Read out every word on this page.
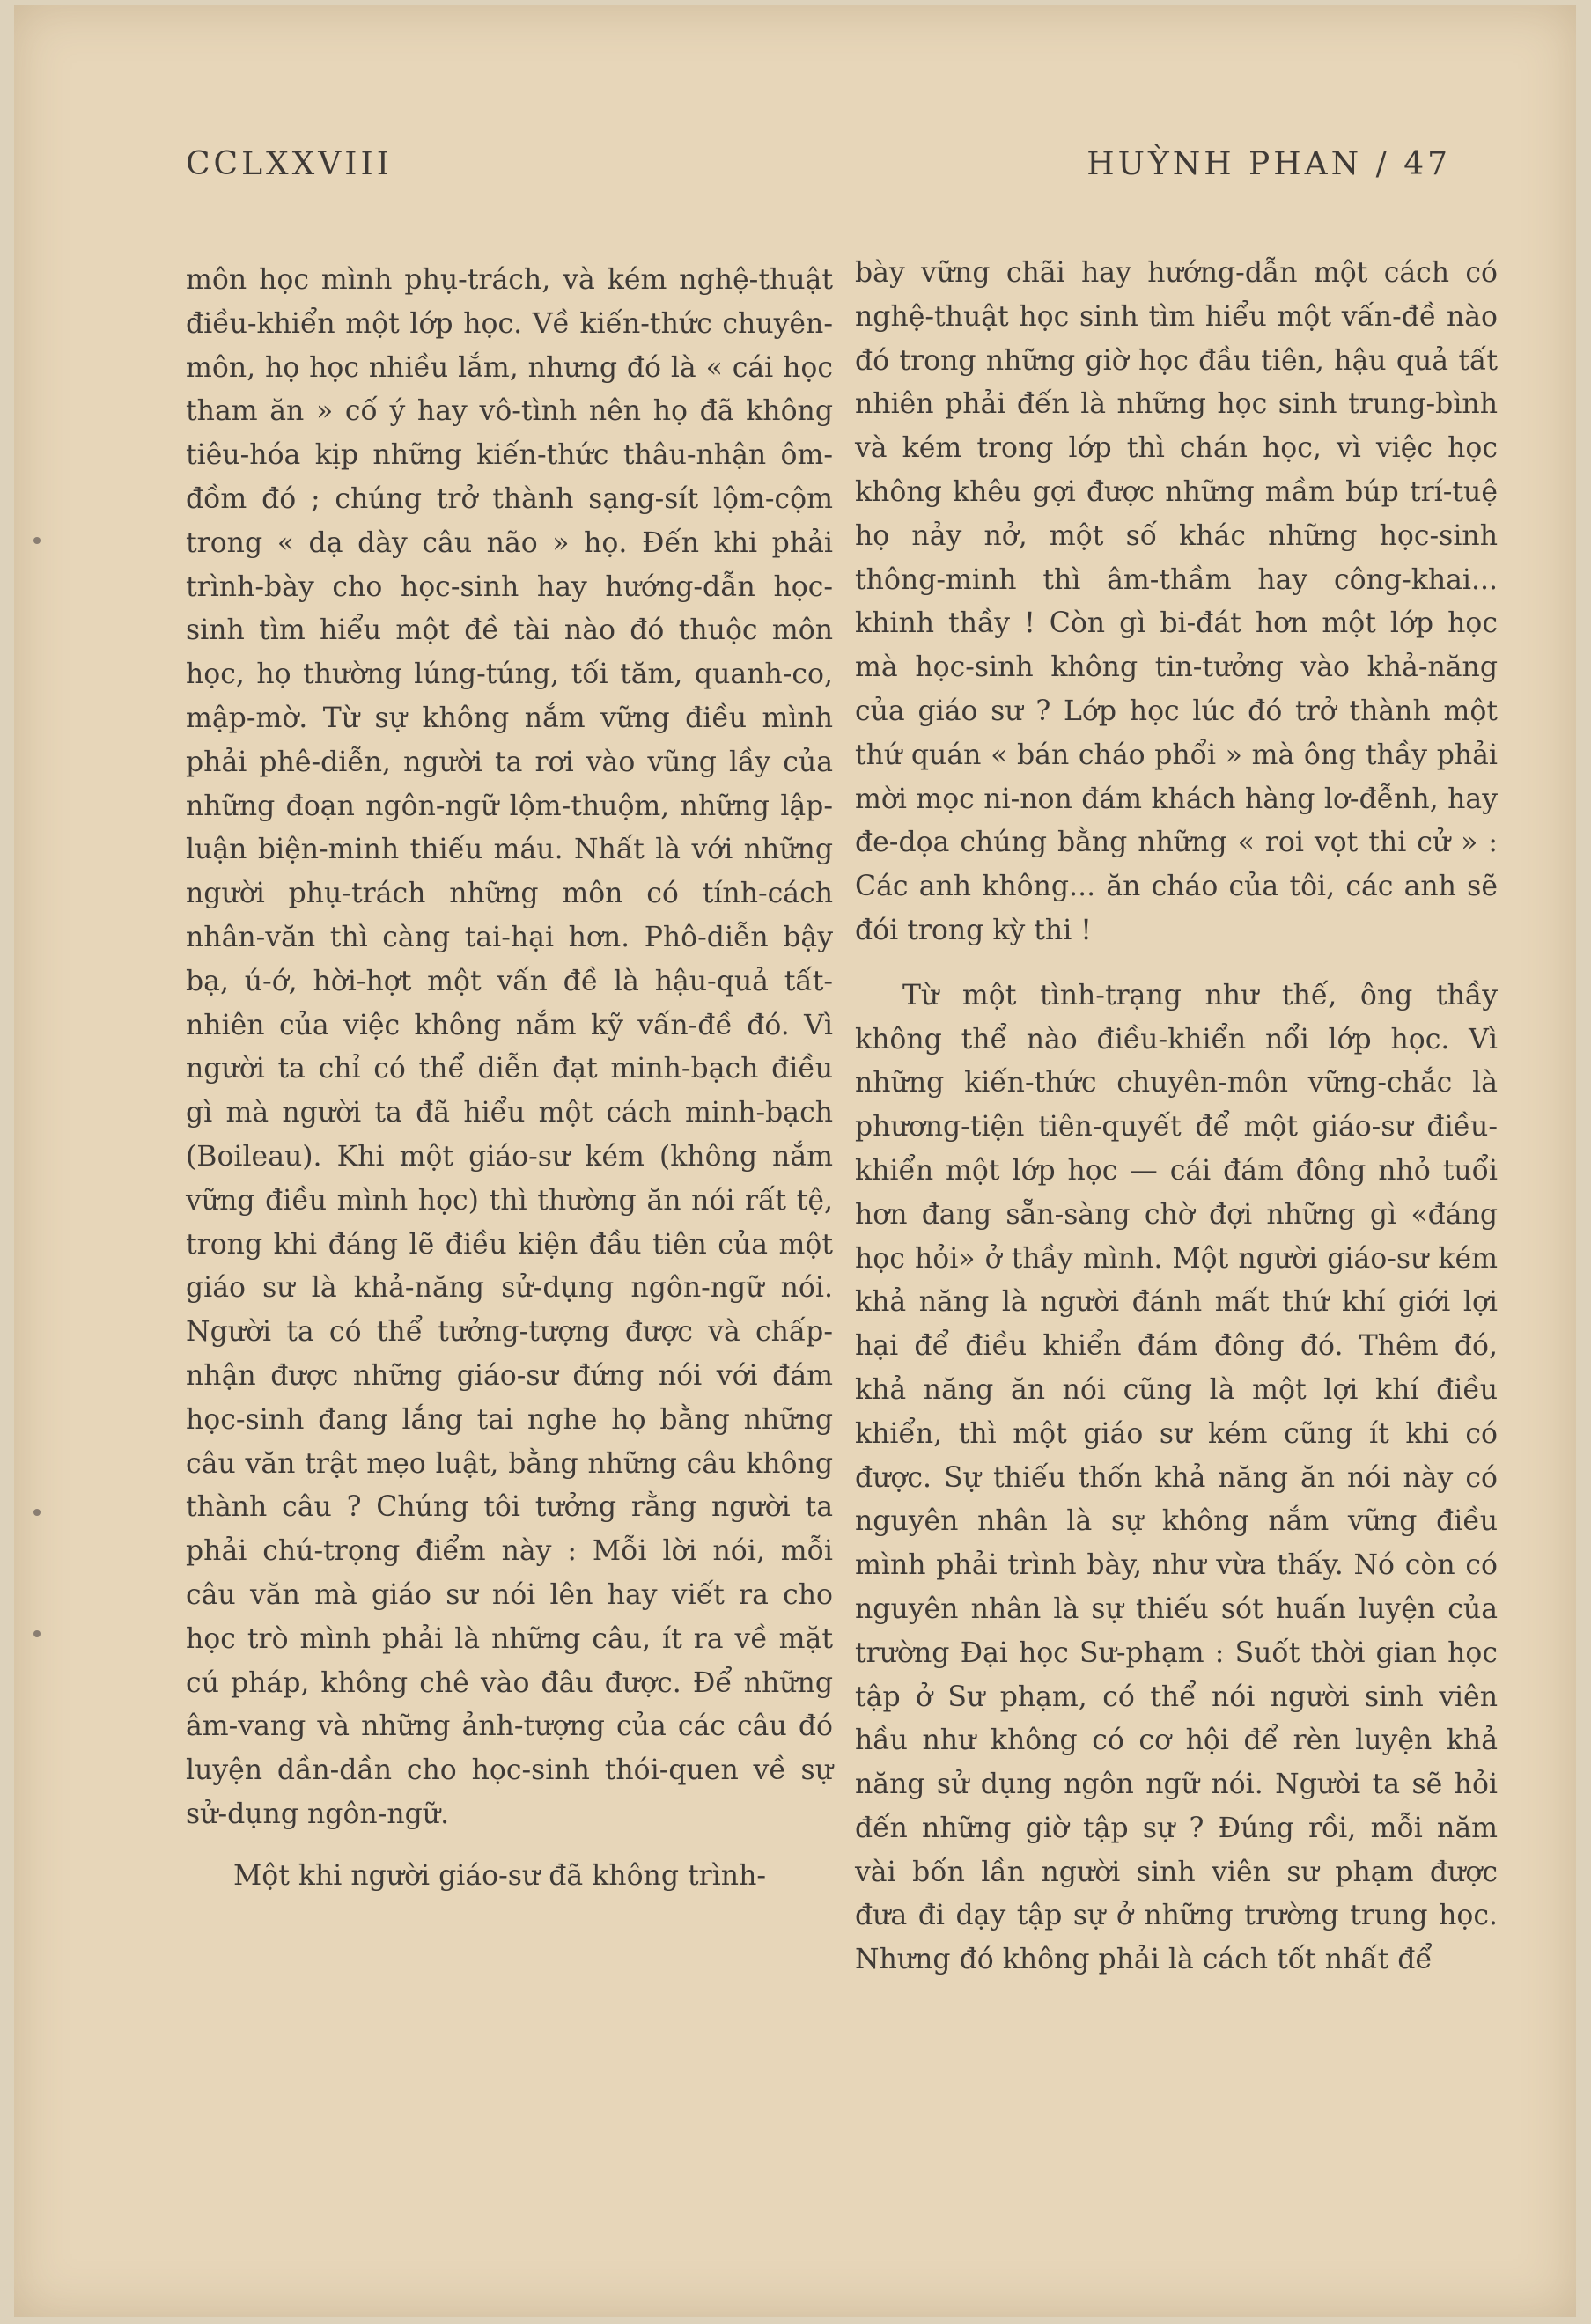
CCLXXVIII	HUỲNH PHAN / 47

môn học mình phụ-trách, và kém nghệ-thuật điều-khiển một lớp học. Về kiến-thức chuyên-môn, họ học nhiều lắm, nhưng đó là « cái học tham ăn » cố ý hay vô-tình nên họ đã không tiêu-hóa kịp những kiến-thức thâu-nhận ôm-đồm đó ; chúng trở thành sạng-sít lộm-cộm trong « dạ dày câu não » họ. Đến khi phải trình-bày cho học-sinh hay hướng-dẫn học-sinh tìm hiểu một đề tài nào đó thuộc môn học, họ thường lúng-túng, tối tăm, quanh-co, mập-mờ. Từ sự không nắm vững điều mình phải phê-diễn, người ta rơi vào vũng lầy của những đoạn ngôn-ngữ lộm-thuộm, những lập-luận biện-minh thiếu máu. Nhất là với những người phụ-trách những môn có tính-cách nhân-văn thì càng tai-hại hơn. Phô-diễn bậy bạ, ú-ớ, hời-hợt một vấn đề là hậu-quả tất-nhiên của việc không nắm kỹ vấn-đề đó. Vì người ta chỉ có thể diễn đạt minh-bạch điều gì mà người ta đã hiểu một cách minh-bạch (Boileau). Khi một giáo-sư kém (không nắm vững điều mình học) thì thường ăn nói rất tệ, trong khi đáng lẽ điều kiện đầu tiên của một giáo sư là khả-năng sử-dụng ngôn-ngữ nói. Người ta có thể tưởng-tượng được và chấp-nhận được những giáo-sư đứng nói với đám học-sinh đang lắng tai nghe họ bằng những câu văn trật mẹo luật, bằng những câu không thành câu ? Chúng tôi tưởng rằng người ta phải chú-trọng điểm này : Mỗi lời nói, mỗi câu văn mà giáo sư nói lên hay viết ra cho học trò mình phải là những câu, ít ra về mặt cú pháp, không chê vào đâu được. Để những âm-vang và những ảnh-tượng của các câu đó luyện dần-dần cho học-sinh thói-quen về sự sử-dụng ngôn-ngữ.

Một khi người giáo-sư đã không trình-

bày vững chãi hay hướng-dẫn một cách có nghệ-thuật học sinh tìm hiểu một vấn-đề nào đó trong những giờ học đầu tiên, hậu quả tất nhiên phải đến là những học sinh trung-bình và kém trong lớp thì chán học, vì việc học không khêu gợi được những mầm búp trí-tuệ họ nảy nở, một số khác những học-sinh thông-minh thì âm-thầm hay công-khai... khinh thầy ! Còn gì bi-đát hơn một lớp học mà học-sinh không tin-tưởng vào khả-năng của giáo sư ? Lớp học lúc đó trở thành một thứ quán « bán cháo phổi » mà ông thầy phải mời mọc ni-non đám khách hàng lơ-đễnh, hay đe-dọa chúng bằng những « roi vọt thi cử » : Các anh không... ăn cháo của tôi, các anh sẽ đói trong kỳ thi !

Từ một tình-trạng như thế, ông thầy không thể nào điều-khiển nổi lớp học. Vì những kiến-thức chuyên-môn vững-chắc là phương-tiện tiên-quyết để một giáo-sư điều-khiển một lớp học — cái đám đông nhỏ tuổi hơn đang sẵn-sàng chờ đợi những gì «đáng học hỏi» ở thầy mình. Một người giáo-sư kém khả năng là người đánh mất thứ khí giới lợi hại để điều khiển đám đông đó. Thêm đó, khả năng ăn nói cũng là một lợi khí điều khiển, thì một giáo sư kém cũng ít khi có được. Sự thiếu thốn khả năng ăn nói này có nguyên nhân là sự không nắm vững điều mình phải trình bày, như vừa thấy. Nó còn có nguyên nhân là sự thiếu sót huấn luyện của trường Đại học Sư-phạm : Suốt thời gian học tập ở Sư phạm, có thể nói người sinh viên hầu như không có cơ hội để rèn luyện khả năng sử dụng ngôn ngữ nói. Người ta sẽ hỏi đến những giờ tập sự ? Đúng rồi, mỗi năm vài bốn lần người sinh viên sư phạm được đưa đi dạy tập sự ở những trường trung học. Nhưng đó không phải là cách tốt nhất để
